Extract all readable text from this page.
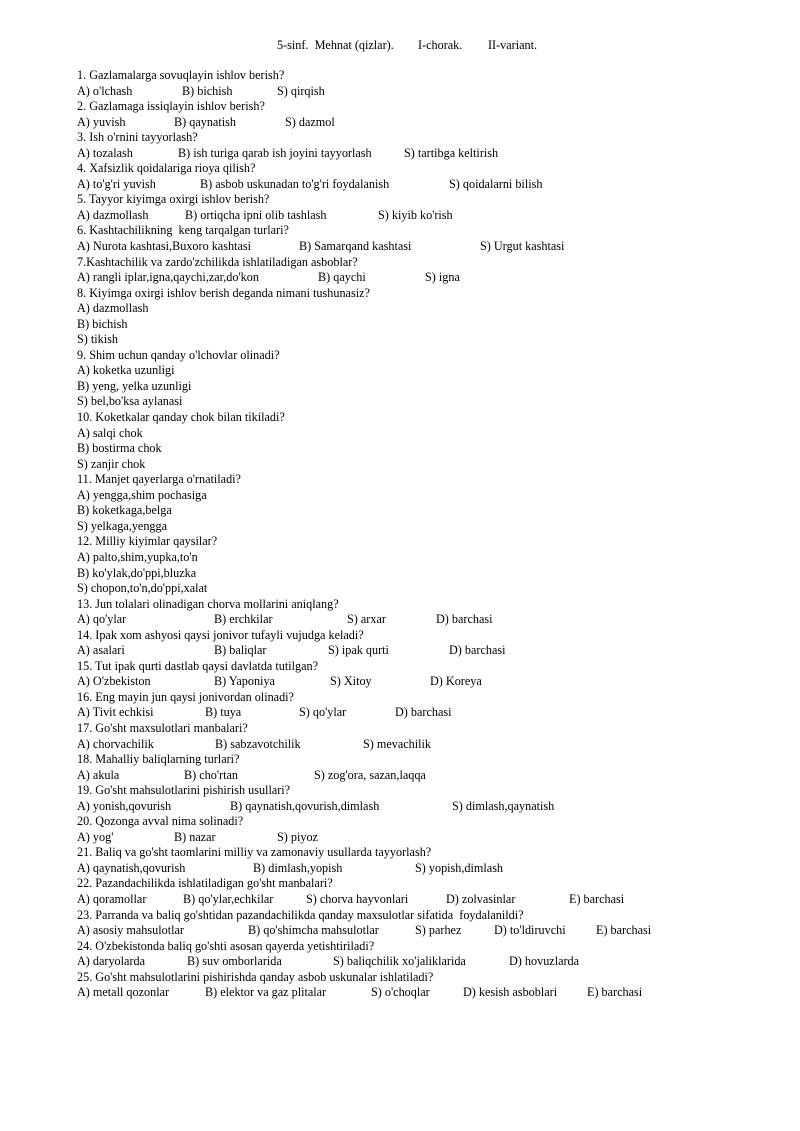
5-sinf.  Mehnat (qizlar). I-chorak. II-variant.
1. Gazlamalarga sovuqlayin ishlov berish?
A) o'lchash	B) bichish	S) qirqish
2. Gazlamaga issiqlayin ishlov berish?
A) yuvish	B) qaynatish	S) dazmol
3. Ish o'rnini tayyorlash?
A) tozalash	B) ish turiga qarab ish joyini tayyorlash	S) tartibga keltirish
4. Xafsizlik qoidalariga rioya qilish?
A) to'g'ri yuvish	B) asbob uskunadan to'g'ri foydalanish	S) qoidalarni bilish
5. Tayyor kiyimga oxirgi ishlov berish?
A) dazmollash	B) ortiqcha ipni olib tashlash	S) kiyib ko'rish
6. Kashtachilikning  keng tarqalgan turlari?
A) Nurota kashtasi,Buxoro kashtasi	B) Samarqand kashtasi	S) Urgut kashtasi
7.Kashtachilik va zardo'zchilikda ishlatiladigan asboblar?
A) rangli iplar,igna,qaychi,zar,do'kon	B) qaychi	S) igna
8. Kiyimga oxirgi ishlov berish deganda nimani tushunasiz?
A) dazmollash
B) bichish
S) tikish
9. Shim uchun qanday o'lchovlar olinadi?
A) koketka uzunligi
B) yeng, yelka uzunligi
S) bel,bo'ksa aylanasi
10. Koketkalar qanday chok bilan tikiladi?
A) salqi chok
B) bostirma chok
S) zanjir chok
11. Manjet qayerlarga o'rnatiladi?
A) yengga,shim pochasiga
B) koketkaga,belga
S) yelkaga,yengga
12. Milliy kiyimlar qaysilar?
A) palto,shim,yupka,to'n
B) ko'ylak,do'ppi,bluzka
S) chopon,to'n,do'ppi,xalat
13. Jun tolalari olinadigan chorva mollarini aniqlang?
A) qo'ylar	B) erchkilar	S) arxar	D) barchasi
14. Ipak xom ashyosi qaysi jonivor tufayli vujudga keladi?
A) asalari	B) baliqlar	S) ipak qurti	D) barchasi
15. Tut ipak qurti dastlab qaysi davlatda tutilgan?
A) O'zbekiston	B) Yaponiya	S) Xitoy	D) Koreya
16. Eng mayin jun qaysi jonivordan olinadi?
A) Tivit echkisi	B) tuya	S) qo'ylar	D) barchasi
17. Go'sht maxsulotlari manbalari?
A) chorvachilik	B) sabzavotchilik	S) mevachilik
18. Mahalliy baliqlarning turlari?
A) akula	B) cho'rtan	S) zog'ora, sazan,laqqa
19. Go'sht mahsulotlarini pishirish usullari?
A) yonish,qovurish	B) qaynatish,qovurish,dimlash	S) dimlash,qaynatish
20. Qozonga avval nima solinadi?
A) yog'	B) nazar	S) piyoz
21. Baliq va go'sht taomlarini milliy va zamonaviy usullarda tayyorlash?
A) qaynatish,qovurish	B) dimlash,yopish	S) yopish,dimlash
22. Pazandachilikda ishlatiladigan go'sht manbalari?
A) qoramollar	B) qo'ylar,echkilar	S) chorva hayvonlari	D) zolvasinlar	E) barchasi
23. Parranda va baliq go'shtidan pazandachilikda qanday maxsulotlar sifatida  foydalanildi?
A) asosiy mahsulotlar	B) qo'shimcha mahsulotlar	S) parhez	D) to'ldiruvchi E) barchasi
24. O'zbekistonda baliq go'shti asosan qayerda yetishtiriladi?
A) daryolarda	B) suv omborlarida	S) baliqchilik xo'jaliklarida	D) hovuzlarda
25. Go'sht mahsulotlarini pishirishda qanday asbob uskunalar ishlatiladi?
A) metall qozonlar	B) elektor va gaz plitalar	S) o'choqlar	D) kesish asboblari E) barchasi
